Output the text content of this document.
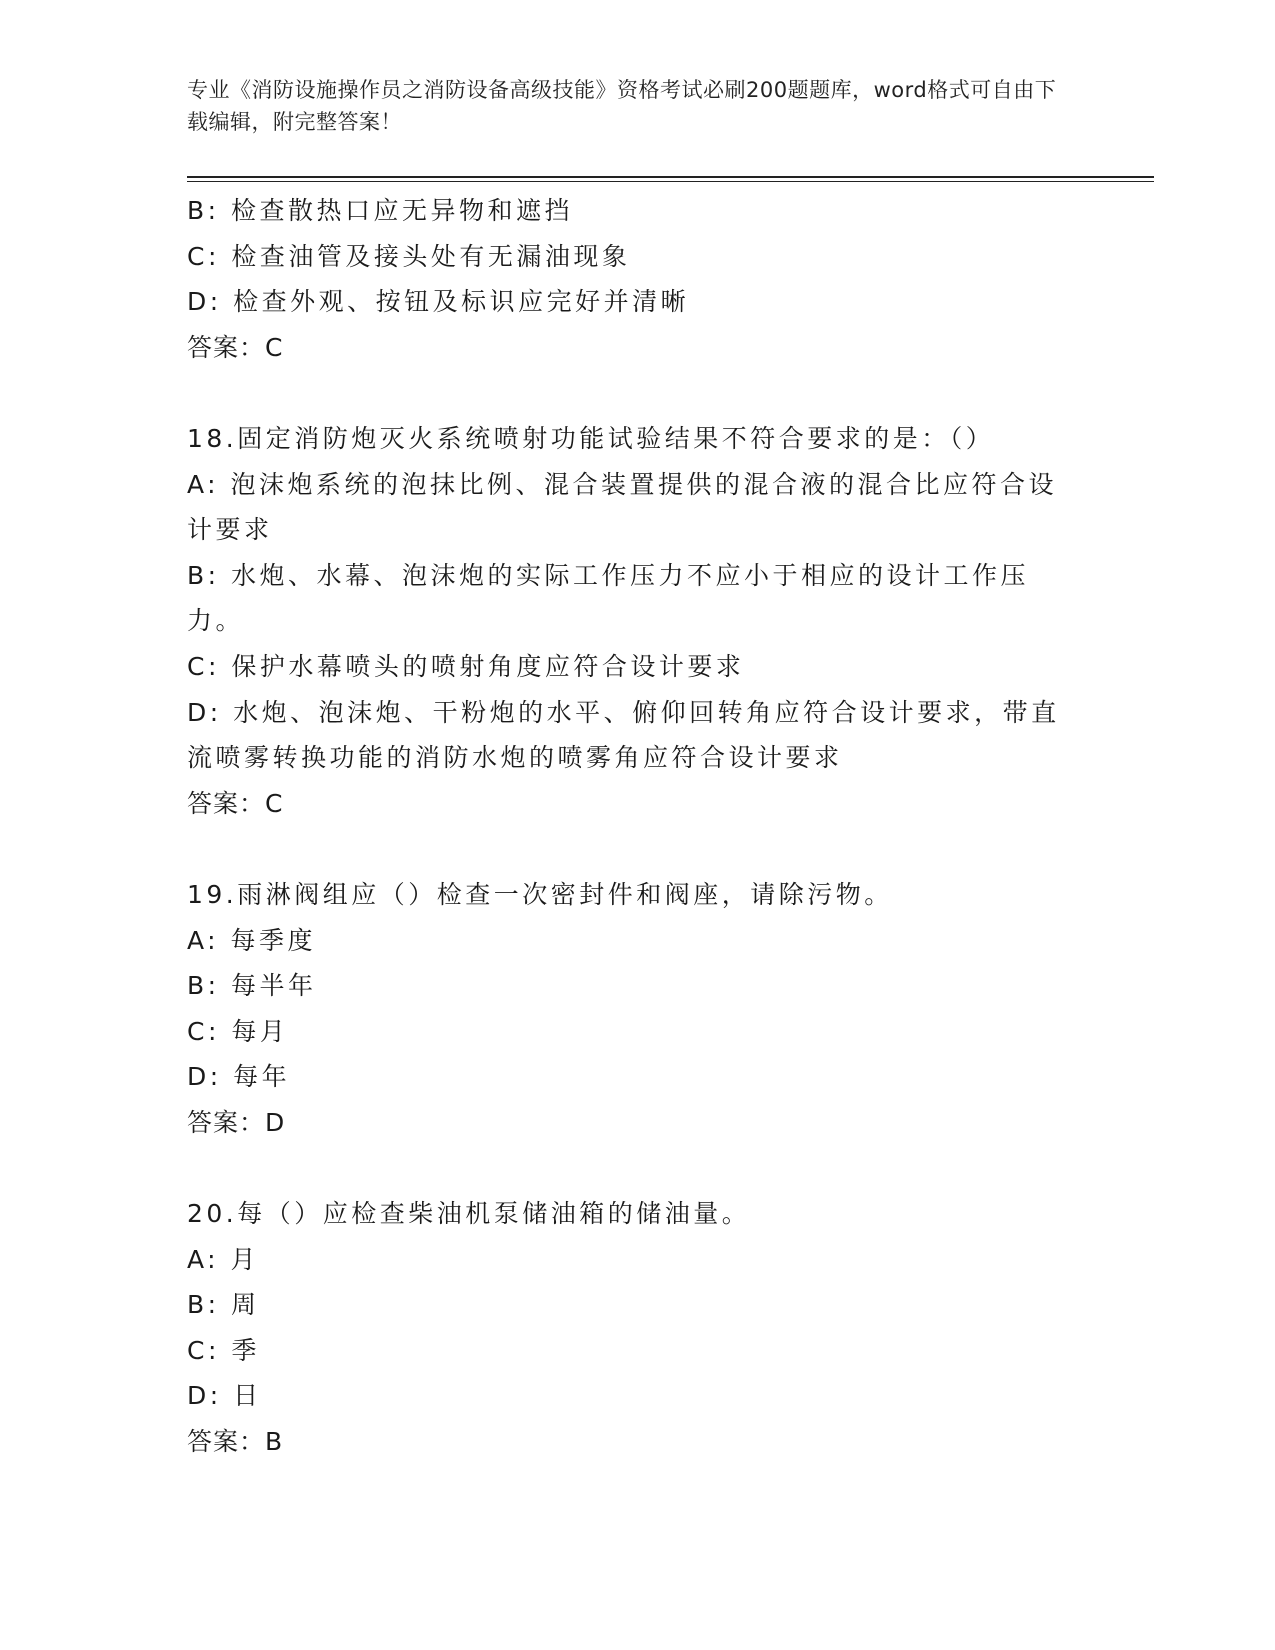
专业《消防设施操作员之消防设备高级技能》资格考试必刷200题题库，word格式可自由下载编辑，附完整答案！

B: 检查散热口应无异物和遮挡

C: 检查油管及接头处有无漏油现象

D: 检查外观、按钮及标识应完好并清晰

答案：C

18.固定消防炮灭火系统喷射功能试验结果不符合要求的是：（）

A: 泡沫炮系统的泡抹比例、混合装置提供的混合液的混合比应符合设计要求

B: 水炮、水幕、泡沫炮的实际工作压力不应小于相应的设计工作压力。

C: 保护水幕喷头的喷射角度应符合设计要求

D: 水炮、泡沫炮、干粉炮的水平、俯仰回转角应符合设计要求，带直流喷雾转换功能的消防水炮的喷雾角应符合设计要求

答案：C

19.雨淋阀组应（）检查一次密封件和阀座，请除污物。

A: 每季度

B: 每半年

C: 每月

D: 每年

答案：D

20.每（）应检查柴油机泵储油箱的储油量。

A: 月

B: 周

C: 季

D: 日

答案：B
